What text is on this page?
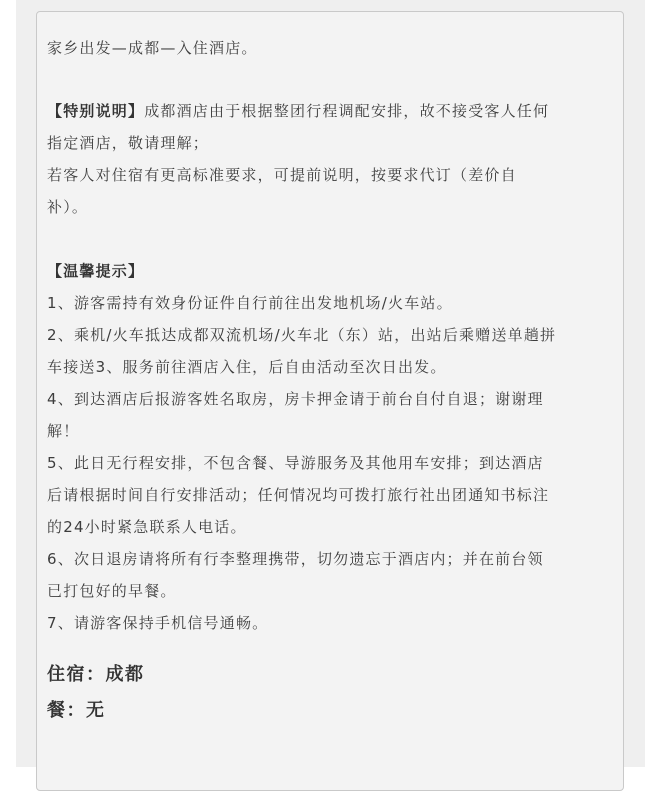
家乡出发—成都—入住酒店。
【特别说明】成都酒店由于根据整团行程调配安排，故不接受客人任何
指定酒店，敬请理解；
若客人对住宿有更高标准要求，可提前说明，按要求代订（差价自
补）。
【温馨提示】
1、游客需持有效身份证件自行前往出发地机场/火车站。
2、乘机/火车抵达成都双流机场/火车北（东）站，出站后乘赠送单趟拼
车接送3、服务前往酒店入住，后自由活动至次日出发。
4、到达酒店后报游客姓名取房，房卡押金请于前台自付自退；谢谢理
解！
5、此日无行程安排，不包含餐、导游服务及其他用车安排；到达酒店
后请根据时间自行安排活动；任何情况均可拨打旅行社出团通知书标注
的24小时紧急联系人电话。
6、次日退房请将所有行李整理携带，切勿遗忘于酒店内；并在前台领
已打包好的早餐。
7、请游客保持手机信号通畅。
住宿：成都
餐：无
